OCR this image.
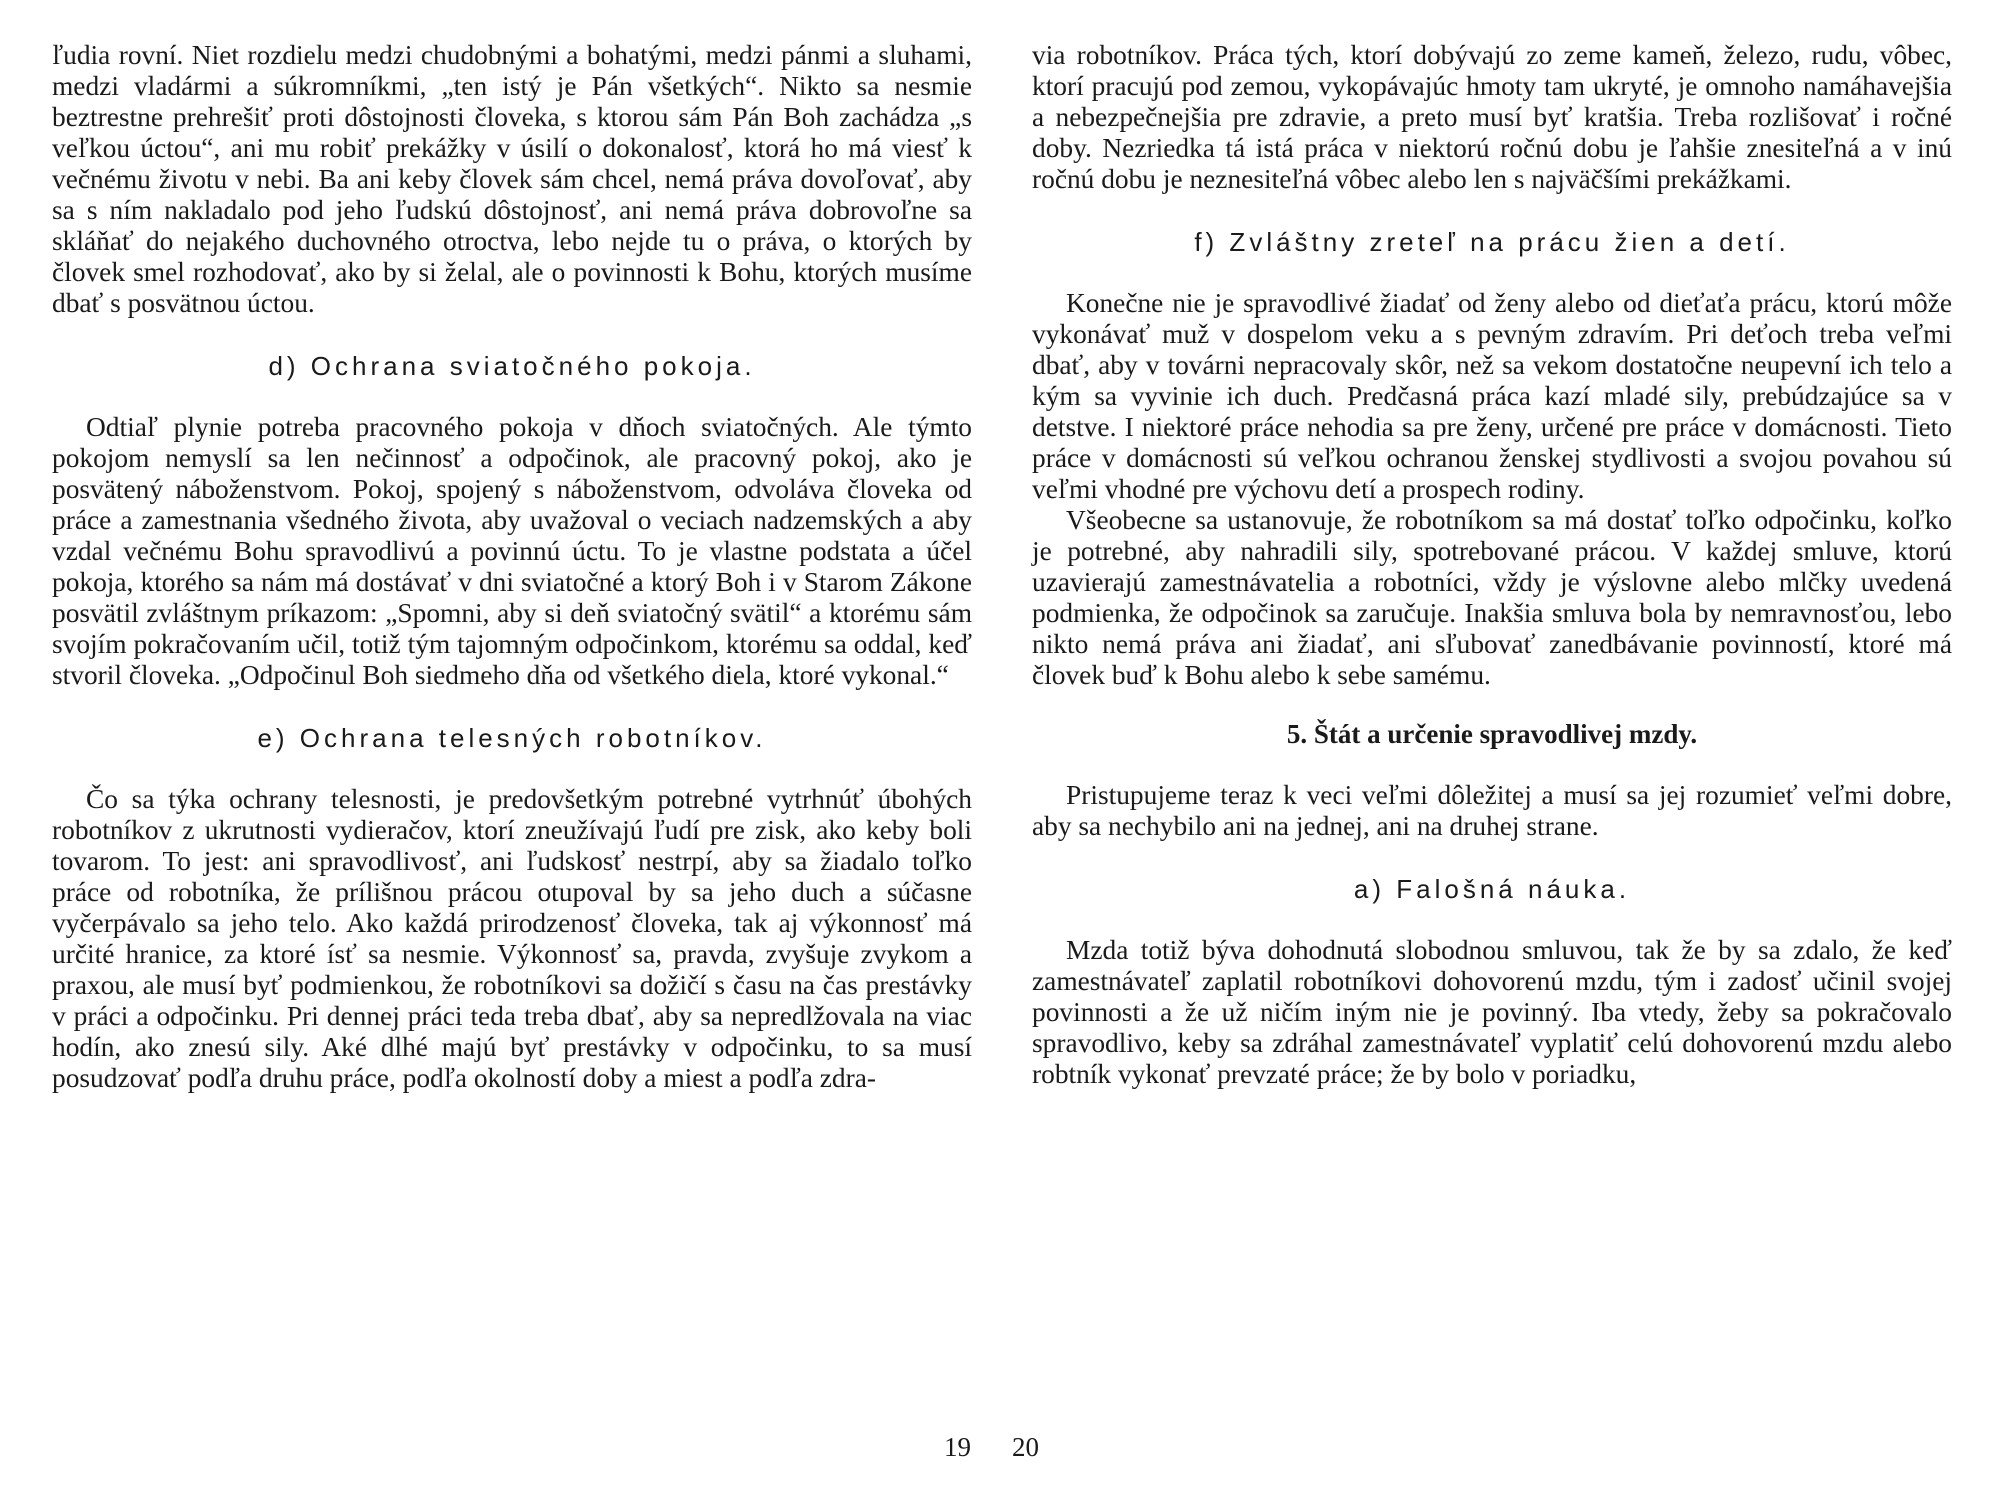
ľudia rovní. Niet rozdielu medzi chudobnými a bohatými, medzi pánmi a sluhami, medzi vladármi a súkromníkmi, „ten istý je Pán všetkých“. Nikto sa nesmie beztrestne prehrešiť proti dôstojnosti človeka, s ktorou sám Pán Boh zachádza „s veľkou úctou“, ani mu robiť prekážky v úsilí o dokonalosť, ktorá ho má viesť k večnému životu v nebi. Ba ani keby človek sám chcel, nemá práva dovoľovať, aby sa s ním nakladalo pod jeho ľudskú dôstojnosť, ani nemá práva dobrovoľne sa skláňať do nejakého duchovného otroctva, lebo nejde tu o práva, o ktorých by človek smel rozhodovať, ako by si želal, ale o povinnosti k Bohu, ktorých musíme dbať s posvätnou úctou.

d) Ochrana sviatočného pokoja.

Odtiaľ plynie potreba pracovného pokoja v dňoch sviatočných. Ale týmto pokojom nemyslí sa len nečinnosť a odpočinok, ale pracovný pokoj, ako je posvätený náboženstvom. Pokoj, spojený s náboženstvom, odvoláva človeka od práce a zamestnania všedného života, aby uvažoval o veciach nadzemských a aby vzdal večnému Bohu spravodlivú a povinnú úctu. To je vlastne podstata a účel pokoja, ktorého sa nám má dostávať v dni sviatočné a ktorý Boh i v Starom Zákone posvätil zvláštnym príkazom: „Spomni, aby si deň sviatočný svätil“ a ktorému sám svojím pokračovaním učil, totiž tým tajomným odpočinkom, ktorému sa oddal, keď stvoril človeka. „Odpočinul Boh siedmeho dňa od všetkého diela, ktoré vykonal.“

e) Ochrana telesných robotníkov.

Čo sa týka ochrany telesnosti, je predovšetkým potrebné vytrhnúť úbohých robotníkov z ukrutnosti vydieračov, ktorí zneužívajú ľudí pre zisk, ako keby boli tovarom. To jest: ani spravodlivosť, ani ľudskosť nestrpí, aby sa žiadalo toľko práce od robotníka, že prílišnou prácou otupoval by sa jeho duch a súčasne vyčerpávalo sa jeho telo. Ako každá prirodzenosť človeka, tak aj výkonnosť má určité hranice, za ktoré ísť sa nesmie. Výkonnosť sa, pravda, zvyšuje zvykom a praxou, ale musí byť podmienkou, že robotníkovi sa dožičí s času na čas prestávky v práci a odpočinku. Pri dennej práci teda treba dbať, aby sa nepredlžovala na viac hodín, ako znesú sily. Aké dlhé majú byť prestávky v odpočinku, to sa musí posudzovať podľa druhu práce, podľa okolností doby a miest a podľa zdra-

19

via robotníkov. Práca tých, ktorí dobývajú zo zeme kameň, železo, rudu, vôbec, ktorí pracujú pod zemou, vykopávajúc hmoty tam ukryté, je omnoho namáhavejšia a nebezpečnejšia pre zdravie, a preto musí byť kratšia. Treba rozlišovať i ročné doby. Nezriedka tá istá práca v niektorú ročnú dobu je ľahšie znesiteľná a v inú ročnú dobu je neznesiteľná vôbec alebo len s najväčšími prekážkami.

f) Zvláštny zreteľ na prácu žien a detí.

Konečne nie je spravodlivé žiadať od ženy alebo od dieťaťa prácu, ktorú môže vykonávať muž v dospelom veku a s pevným zdravím. Pri deťoch treba veľmi dbať, aby v továrni nepracovaly skôr, než sa vekom dostatočne neupevní ich telo a kým sa vyvinie ich duch. Predčasná práca kazí mladé sily, prebúdzajúce sa v detstve. I niektoré práce nehodia sa pre ženy, určené pre práce v domácnosti. Tieto práce v domácnosti sú veľkou ochranou ženskej stydlivosti a svojou povahou sú veľmi vhodné pre výchovu detí a prospech rodiny.

Všeobecne sa ustanovuje, že robotníkom sa má dostať toľko odpočinku, koľko je potrebné, aby nahradili sily, spotrebované prácou. V každej smluve, ktorú uzavierajú zamestnávatelia a robotníci, vždy je výslovne alebo mlčky uvedená podmienka, že odpočinok sa zaručuje. Inakšia smluva bola by nemravnosťou, lebo nikto nemá práva ani žiadať, ani sľubovať zanedbávanie povinností, ktoré má človek buď k Bohu alebo k sebe samému.

5. Štát a určenie spravodlivej mzdy.

Pristupujeme teraz k veci veľmi dôležitej a musí sa jej rozumieť veľmi dobre, aby sa nechybilo ani na jednej, ani na druhej strane.

a) Falošná náuka.

Mzda totiž býva dohodnutá slobodnou smluvou, tak že by sa zdalo, že keď zamestnávateľ zaplatil robotníkovi dohovorenú mzdu, tým i zadosť učinil svojej povinnosti a že už ničím iným nie je povinný. Iba vtedy, žeby sa pokračovalo spravodlivo, keby sa zdráhal zamestnávateľ vyplatiť celú dohovorenú mzdu alebo robtník vykonať prevzaté práce; že by bolo v poriadku,

20
